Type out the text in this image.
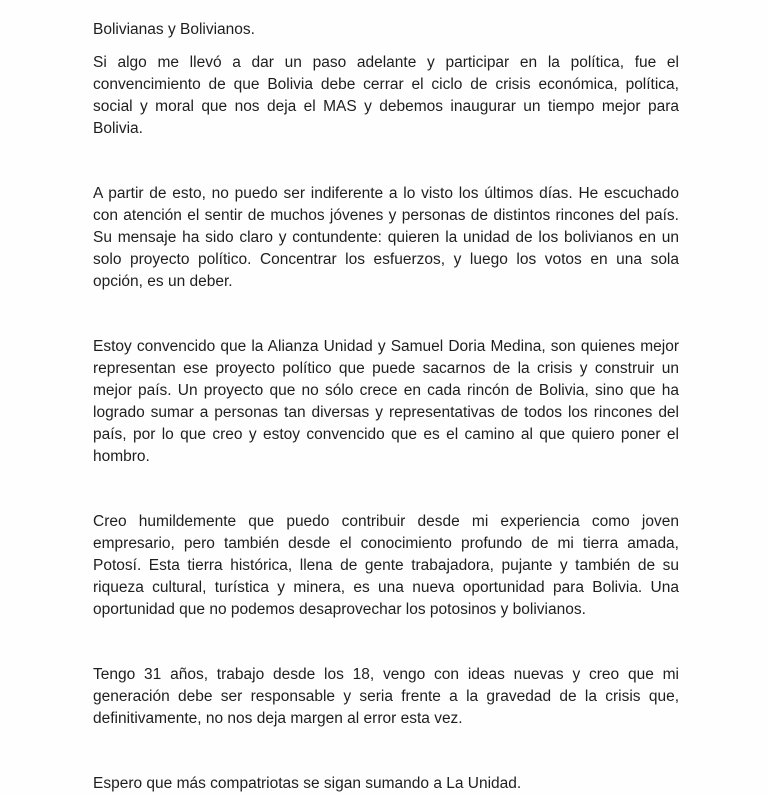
Bolivianas y Bolivianos.

Si algo me llevó a dar un paso adelante y participar en la política, fue el convencimiento de que Bolivia debe cerrar el ciclo de crisis económica, política, social y moral que nos deja el MAS y debemos inaugurar un tiempo mejor para Bolivia.

A partir de esto, no puedo ser indiferente a lo visto los últimos días. He escuchado con atención el sentir de muchos jóvenes y personas de distintos rincones del país. Su mensaje ha sido claro y contundente: quieren la unidad de los bolivianos en un solo proyecto político. Concentrar los esfuerzos, y luego los votos en una sola opción, es un deber.

Estoy convencido que la Alianza Unidad y Samuel Doria Medina, son quienes mejor representan ese proyecto político que puede sacarnos de la crisis y construir un mejor país. Un proyecto que no sólo crece en cada rincón de Bolivia, sino que ha logrado sumar a personas tan diversas y representativas de todos los rincones del país, por lo que creo y estoy convencido que es el camino al que quiero poner el hombro.

Creo humildemente que puedo contribuir desde mi experiencia como joven empresario, pero también desde el conocimiento profundo de mi tierra amada, Potosí. Esta tierra histórica, llena de gente trabajadora, pujante y también de su riqueza cultural, turística y minera, es una nueva oportunidad para Bolivia. Una oportunidad que no podemos desaprovechar los potosinos y bolivianos.

Tengo 31 años, trabajo desde los 18, vengo con ideas nuevas y creo que mi generación debe ser responsable y seria frente a la gravedad de la crisis que, definitivamente, no nos deja margen al error esta vez.

Espero que más compatriotas se sigan sumando a La Unidad.
